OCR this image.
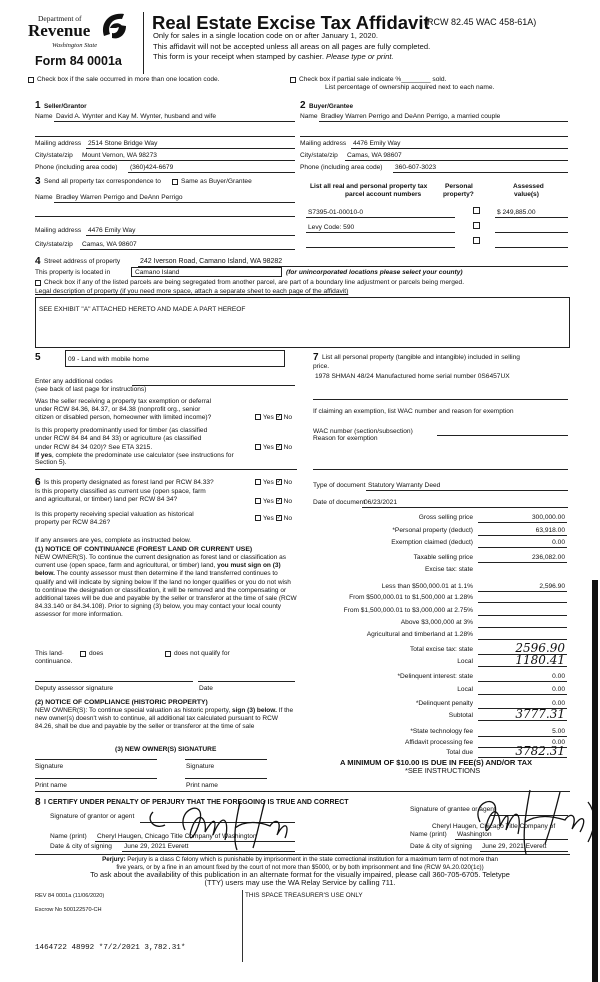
Department of
Revenue
Washington State
Form 84 0001a
Real Estate Excise Tax Affidavit
(RCW 82.45 WAC 458-61A)
Only for sales in a single location code on or after January 1, 2020.
This affidavit will not be accepted unless all areas on all pages are fully completed.
This form is your receipt when stamped by cashier. Please type or print.
Check box if the sale occurred in more than one location code.	Check box if partial sale indicate %________ sold.
List percentage of ownership acquired next to each name.
1 Seller/Grantor
Name David A. Wynter and Kay M. Wynter, husband and wife
Mailing address 2514 Stone Bridge Way
City/state/zip Mount Vernon, WA 98273
Phone (including area code) (360)424-6679
2 Buyer/Grantee
Name Bradley Warren Perrigo and DeAnn Perrigo, a married couple
Mailing address 4476 Emily Way
City/state/zip Camas, WA 98607
Phone (including area code) 360-607-3023
3 Send all property tax correspondence to	Same as Buyer/Grantee
Name Bradley Warren Perrigo and DeAnn Perrigo
Mailing address 4476 Emily Way
City/state/zip Camas, WA 98607
List all real and personal property tax
parcel account numbers
Personal
property?
Assessed
value(s)
S7395-01-00010-0	$ 249,885.00
Levy Code: 590
4 Street address of property	242 Iverson Road, Camano Island, WA 98282
This property is located in	Camano Island	(for unincorporated locations please select your county)
Check box if any of the listed parcels are being segregated from another parcel, are part of a boundary line adjustment or parcels being merged.
Legal description of property (if you need more space, attach a separate sheet to each page of the affidavit)
SEE EXHIBIT "A" ATTACHED HERETO AND MADE A PART HEREOF
5	09 - Land with mobile home
Enter any additional codes
(see back of last page for instructions)
Was the seller receiving a property tax exemption or deferral
under RCW 84.36, 84.37, or 84.38 (nonprofit org., senior
citizen or disabled person, homeowner with limited income)?	Yes ✓ No
Is this property predominantly used for timber (as classified
under RCW 84 84 and 84 33) or agriculture (as classified
under RCW 84 34 020)? See ETA 3215.	Yes ✓ No
If yes, complete the predominate use calculator (see instructions for
Section 5).
6 Is this property designated as forest land per RCW 84.33?	Yes ✓ No
Is this property classified as current use (open space, farm
and agricultural, or timber) land per RCW 84 34?	Yes ✓ No
Is this property receiving special valuation as historical
property per RCW 84.26?
Yes ✓ No
If any answers are yes, complete as instructed below.
(1) NOTICE OF CONTINUANCE (FOREST LAND OR CURRENT USE)
NEW OWNER(S). To continue the current designation as forest land or classification as current use (open space, farm and agricultural, or timber) land, you must sign on (3) below. The county assessor must then determine if the land transferred continues to qualify and will indicate by signing below If the land no longer qualifies or you do not wish to continue the designation or classification, it will be removed and the compensating or additional taxes will be due and payable by the seller or transferor at the time of sale (RCW 84.33.140 or 84.34.108). Prior to signing (3) below, you may contact your local county assessor for more information.
This land·	does	does not qualify for
continuance.
Deputy assessor signature	Date
(2) NOTICE OF COMPLIANCE (HISTORIC PROPERTY)
NEW OWNER(S): To continue special valuation as historic property, sign (3) below. If the new owner(s) doesn't wish to continue, all additional tax calculated pursuant to RCW 84.26, shall be due and payable by the seller or transferor at the time of sale
(3) NEW OWNER(S) SIGNATURE
Signature	Signature
Print name	Print name
7 List all personal property (tangible and intangible) included in selling
price.
1978 SHMAN 48/24 Manufactured home serial number 0S6457UX
If claiming an exemption, list WAC number and reason for exemption
WAC number (section/subsection)
Reason for exemption
Type of document Statutory Warranty Deed
Date of document
06/23/2021
Gross selling price	300,000.00
*Personal property (deduct)	63,918.00
Exemption claimed (deduct)	0.00
Taxable selling price	236,082.00
Excise tax: state
Less than $500,000.01 at 1.1%	2,596.90
From $500,000.01 to $1,500,000 at 1.28%
From $1,500,000.01 to $3,000,000 at 2.75%
Above $3,000,000 at 3%
Agricultural and timberland at 1.28%
Total excise tax: state	2596.90
Local	1180.41
*Delinquent interest: state	0.00
Local	0.00
*Delinquent penalty	0.00
Subtotal	3777.31
*State technology fee	5.00
Affidavit processing fee	0.00
Total due	3782.31
A MINIMUM OF $10.00 IS DUE IN FEE(S) AND/OR TAX
*SEE INSTRUCTIONS
8 I CERTIFY UNDER PENALTY OF PERJURY THAT THE FOREGOING IS TRUE AND CORRECT
Signature of grantor or agent
Name (print) Cheryl Haugen, Chicago Title Company of Washington
Date & city of signing June 29, 2021 Everett
Signature of grantee or agent
Cheryl Haugen, Chicago Title Company of
Name (print) Washington
Date & city of signing June 29, 2021 Everett
Perjury: Perjury is a class C felony which is punishable by imprisonment in the state correctional institution for a maximum term of not more than
five years, or by a fine in an amount fixed by the court of not more than $5000, or by both imprisonment and fine (RCW 9A.20.020(1c))
To ask about the availability of this publication in an alternate format for the visually impaired, please call 360-705-6705. Teletype
(TTY) users may use the WA Relay Service by calling 711.
REV 84 0001a (11/06/2020)
Escrow No 500122570-CH
THIS SPACE TREASURER'S USE ONLY
1464722 48992 *7/2/2021 3,782.31*
